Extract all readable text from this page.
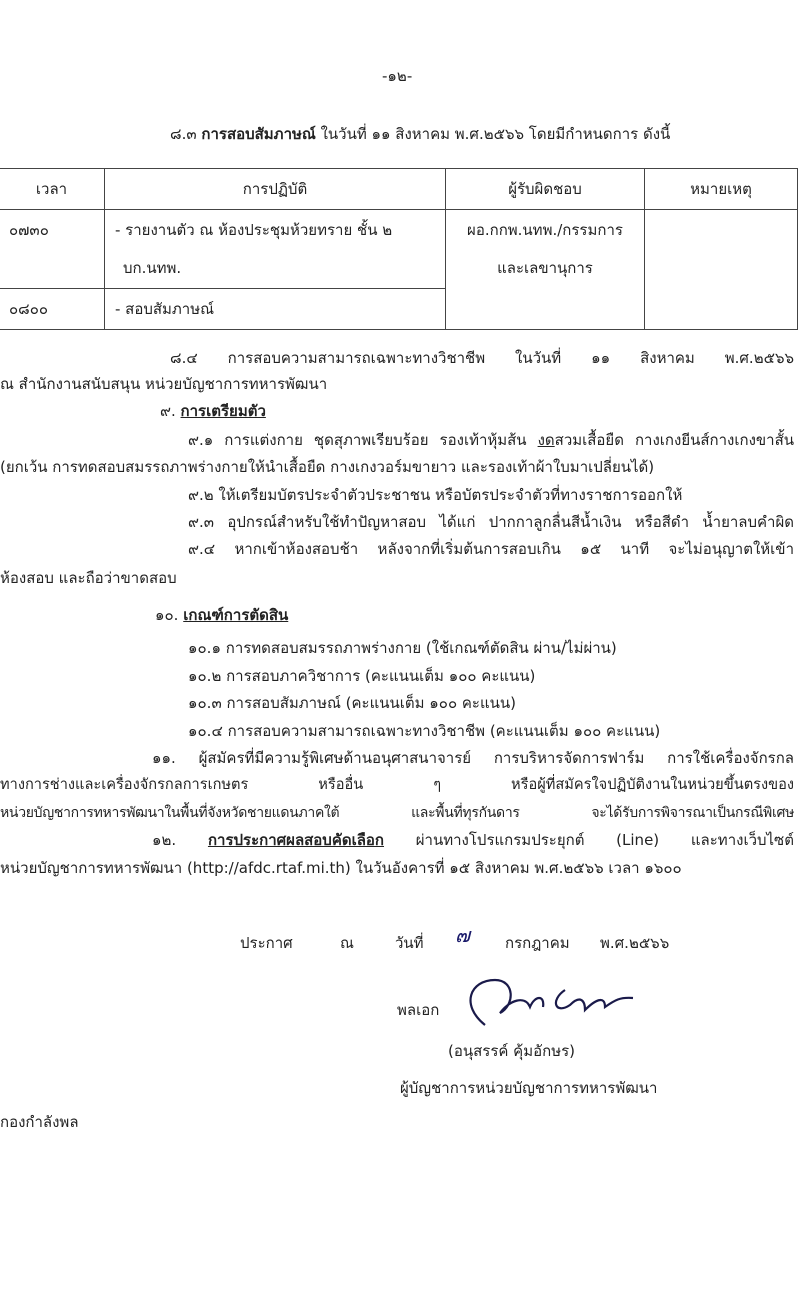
-๑๒-
๘.๓ การสอบสัมภาษณ์ ในวันที่ ๑๑ สิงหาคม พ.ศ.๒๕๖๖ โดยมีกำหนดการ ดังนี้
เวลา	การปฏิบัติ	ผู้รับผิดชอบ	หมายเหตุ
๐๗๓๐	- รายงานตัว ณ ห้องประชุมห้วยทราย ชั้น ๒
บก.นทพ.

ผอ.กกพ.นทพ./กรรมการ
และเลขานุการ

๐๘๐๐	- สอบสัมภาษณ์
๘.๔ การสอบความสามารถเฉพาะทางวิชาชีพ ในวันที่ ๑๑ สิงหาคม พ.ศ.๒๕๖๖
ณ สำนักงานสนับสนุน หน่วยบัญชาการทหารพัฒนา
๙. การเตรียมตัว
๙.๑ การแต่งกาย ชุดสุภาพเรียบร้อย รองเท้าหุ้มส้น งดสวมเสื้อยืด กางเกงยีนส์กางเกงขาสั้น
(ยกเว้น การทดสอบสมรรถภาพร่างกายให้นำเสื้อยืด กางเกงวอร์มขายาว และรองเท้าผ้าใบมาเปลี่ยนได้)
๙.๒ ให้เตรียมบัตรประจำตัวประชาชน หรือบัตรประจำตัวที่ทางราชการออกให้
๙.๓ อุปกรณ์สำหรับใช้ทำปัญหาสอบ ได้แก่ ปากกาลูกลื่นสีน้ำเงิน หรือสีดำ น้ำยาลบคำผิด
๙.๔ หากเข้าห้องสอบช้า หลังจากที่เริ่มต้นการสอบเกิน ๑๕ นาที จะไม่อนุญาตให้เข้า
ห้องสอบ และถือว่าขาดสอบ
๑๐. เกณฑ์การตัดสิน
๑๐.๑ การทดสอบสมรรถภาพร่างกาย (ใช้เกณฑ์ตัดสิน ผ่าน/ไม่ผ่าน)
๑๐.๒ การสอบภาควิชาการ (คะแนนเต็ม ๑๐๐ คะแนน)
๑๐.๓ การสอบสัมภาษณ์ (คะแนนเต็ม ๑๐๐ คะแนน)
๑๐.๔ การสอบความสามารถเฉพาะทางวิชาชีพ (คะแนนเต็ม ๑๐๐ คะแนน)
๑๑. ผู้สมัครที่มีความรู้พิเศษด้านอนุศาสนาจารย์ การบริหารจัดการฟาร์ม การใช้เครื่องจักรกล
ทางการช่างและเครื่องจักรกลการเกษตร หรืออื่น ๆ หรือผู้ที่สมัครใจปฏิบัติงานในหน่วยขึ้นตรงของ
หน่วยบัญชาการทหารพัฒนาในพื้นที่จังหวัดชายแดนภาคใต้ และพื้นที่ทุรกันดาร จะได้รับการพิจารณาเป็นกรณีพิเศษ
๑๒. การประกาศผลสอบคัดเลือก ผ่านทางโปรแกรมประยุกต์ (Line) และทางเว็บไซต์
หน่วยบัญชาการทหารพัฒนา (http://afdc.rtaf.mi.th) ในวันอังคารที่ ๑๕ สิงหาคม พ.ศ.๒๕๖๖ เวลา ๑๖๐๐
ประกาศ	ณ	วันที่ ๗ กรกฎาคม พ.ศ.๒๕๖๖
พลเอก
(อนุสรรค์ คุ้มอักษร)
ผู้บัญชาการหน่วยบัญชาการทหารพัฒนา
กองกำลังพล
